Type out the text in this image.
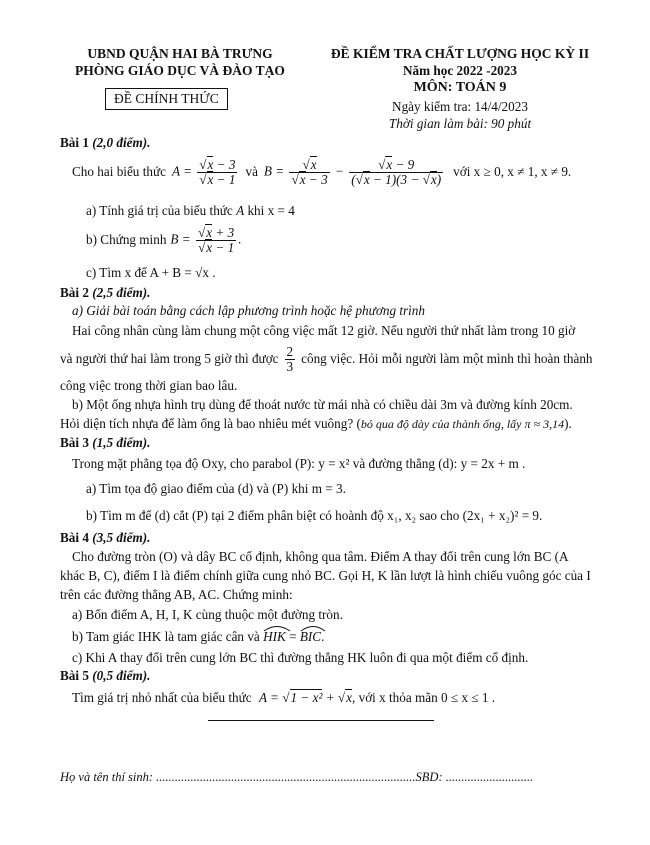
UBND QUẬN HAI BÀ TRƯNG
PHÒNG GIÁO DỤC VÀ ĐÀO TẠO
ĐỀ CHÍNH THỨC
ĐỀ KIỂM TRA CHẤT LƯỢNG HỌC KỲ II
Năm học 2022 -2023
MÔN: TOÁN 9
Ngày kiểm tra: 14/4/2023
Thời gian làm bài: 90 phút
Bài 1 (2,0 điểm).
Cho hai biểu thức $A = \frac{√x - 3}{√x - 1}$ và $B = \frac{√x}{√x - 3} - \frac{√x - 9}{(√x - 1)(3 - √x)}$ với x ≥ 0, x ≠ 1, x ≠ 9.
a) Tính giá trị của biểu thức A khi x = 4
b) Chứng minh $B = \frac{√x + 3}{√x - 1}$ .
c) Tìm x để A + B = √x .
Bài 2 (2,5 điểm).
a) Giải bài toán bằng cách lập phương trình hoặc hệ phương trình
Hai công nhân cùng làm chung một công việc mất 12 giờ. Nếu người thứ nhất làm trong 10 giờ
và người thứ hai làm trong 5 giờ thì được $\frac{2}{3}$ công việc. Hỏi mỗi người làm một mình thì hoàn thành
công việc trong thời gian bao lâu.
b) Một ống nhựa hình trụ dùng để thoát nước từ mái nhà có chiều dài 3m và đường kính 20cm.
Hỏi diện tích nhựa để làm ống là bao nhiêu mét vuông? (bỏ qua độ dày của thành ống, lấy π ≈ 3,14).
Bài 3 (1,5 điểm).
Trong mặt phẳng tọa độ Oxy, cho parabol (P): y = x² và đường thẳng (d): y = 2x + m .
a) Tìm tọa độ giao điểm của (d) và (P) khi m = 3.
b) Tìm m để (d) cắt (P) tại 2 điểm phân biệt có hoành độ x₁, x₂ sao cho (2x₁ + x₂)² = 9.
Bài 4 (3,5 điểm).
Cho đường tròn (O) và dây BC cố định, không qua tâm. Điểm A thay đổi trên cung lớn BC (A
khác B, C), điểm I là điểm chính giữa cung nhỏ BC. Gọi H, K lần lượt là hình chiếu vuông góc của I
trên các đường thẳng AB, AC. Chứng minh:
a) Bốn điểm A, H, I, K cùng thuộc một đường tròn.
b) Tam giác IHK là tam giác cân và HIK = BIC.
c) Khi A thay đổi trên cung lớn BC thì đường thẳng HK luôn đi qua một điểm cố định.
Bài 5 (0,5 điểm).
Tìm giá trị nhỏ nhất của biểu thức A = √1 − x² + √x, với x thỏa mãn 0 ≤ x ≤ 1 .
Họ và tên thí sinh: ...................................................................................SBD: ............................
